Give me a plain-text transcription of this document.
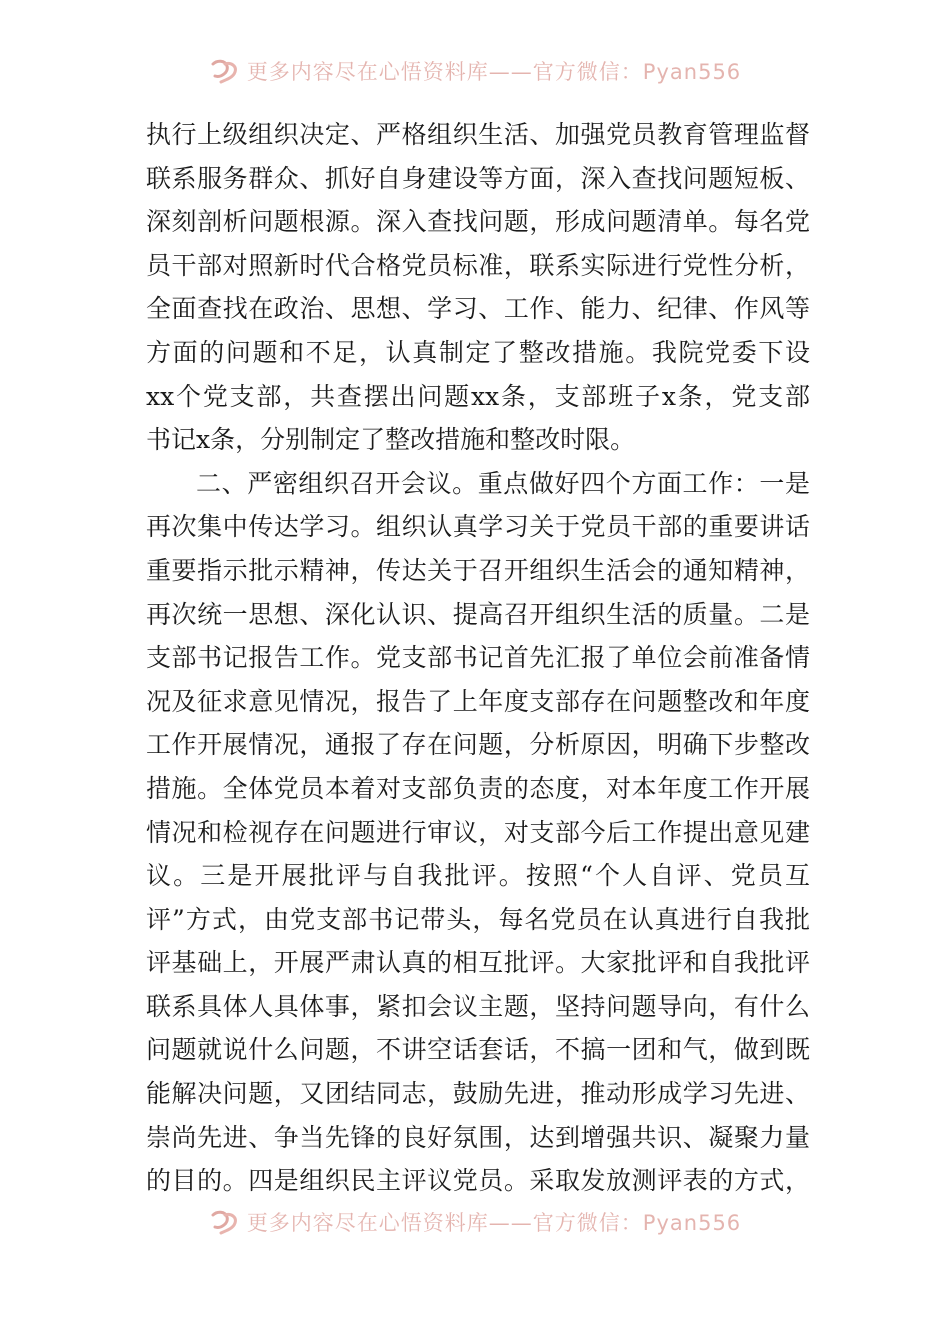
更多内容尽在心悟资料库——官方微信：Pyan556
执行上级组织决定、严格组织生活、加强党员教育管理监督
联系服务群众、抓好自身建设等方面，深入查找问题短板、
深刻剖析问题根源。深入查找问题，形成问题清单。每名党
员干部对照新时代合格党员标准，联系实际进行党性分析，
全面查找在政治、思想、学习、工作、能力、纪律、作风等
方面的问题和不足，认真制定了整改措施。我院党委下设
xx个党支部，共查摆出问题xx条，支部班子x条，党支部
书记x条，分别制定了整改措施和整改时限。
二、严密组织召开会议。重点做好四个方面工作：一是
再次集中传达学习。组织认真学习关于党员干部的重要讲话
重要指示批示精神，传达关于召开组织生活会的通知精神，
再次统一思想、深化认识、提高召开组织生活的质量。二是
支部书记报告工作。党支部书记首先汇报了单位会前准备情
况及征求意见情况，报告了上年度支部存在问题整改和年度
工作开展情况，通报了存在问题，分析原因，明确下步整改
措施。全体党员本着对支部负责的态度，对本年度工作开展
情况和检视存在问题进行审议，对支部今后工作提出意见建
议。三是开展批评与自我批评。按照“个人自评、党员互
评”方式，由党支部书记带头，每名党员在认真进行自我批
评基础上，开展严肃认真的相互批评。大家批评和自我批评
联系具体人具体事，紧扣会议主题，坚持问题导向，有什么
问题就说什么问题，不讲空话套话，不搞一团和气，做到既
能解决问题，又团结同志，鼓励先进，推动形成学习先进、
崇尚先进、争当先锋的良好氛围，达到增强共识、凝聚力量
的目的。四是组织民主评议党员。采取发放测评表的方式，
更多内容尽在心悟资料库——官方微信：Pyan556
